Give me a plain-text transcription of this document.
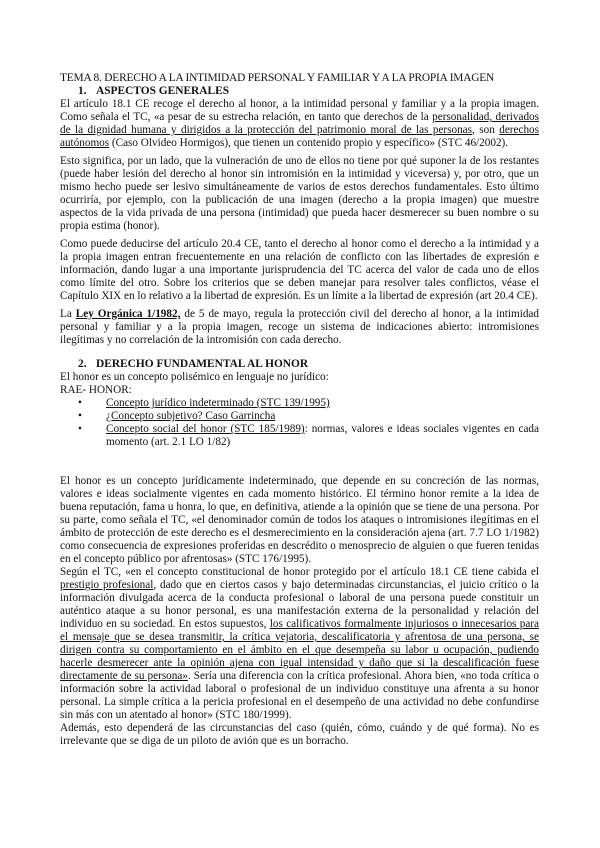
TEMA 8. DERECHO A LA INTIMIDAD PERSONAL Y FAMILIAR Y A LA PROPIA IMAGEN

1. ASPECTOS GENERALES

El artículo 18.1 CE recoge el derecho al honor, a la intimidad personal y familiar y a la propia imagen. Como señala el TC, «a pesar de su estrecha relación, en tanto que derechos de la personalidad, derivados de la dignidad humana y dirigidos a la protección del patrimonio moral de las personas, son derechos autónomos (Caso Olvideo Hormigos), que tienen un contenido propio y específico» (STC 46/2002).

Esto significa, por un lado, que la vulneración de uno de ellos no tiene por qué suponer la de los restantes (puede haber lesión del derecho al honor sin intromisión en la intimidad y viceversa) y, por otro, que un mismo hecho puede ser lesivo simultáneamente de varios de estos derechos fundamentales. Esto último ocurriría, por ejemplo, con la publicación de una imagen (derecho a la propia imagen) que muestre aspectos de la vida privada de una persona (intimidad) que pueda hacer desmerecer su buen nombre o su propia estima (honor).

Como puede deducirse del artículo 20.4 CE, tanto el derecho al honor como el derecho a la intimidad y a la propia imagen entran frecuentemente en una relación de conflicto con las libertades de expresión e información, dando lugar a una importante jurisprudencia del TC acerca del valor de cada uno de ellos como límite del otro. Sobre los criterios que se deben manejar para resolver tales conflictos, véase el Capítulo XIX en lo relativo a la libertad de expresión. Es un límite a la libertad de expresión (art 20.4 CE).

La Ley Orgánica 1/1982, de 5 de mayo, regula la protección civil del derecho al honor, a la intimidad personal y familiar y a la propia imagen, recoge un sistema de indicaciones abierto: intromisiones ilegítimas y no correlación de la intromisión con cada derecho.

2. DERECHO FUNDAMENTAL AL HONOR

El honor es un concepto polisémico en lenguaje no jurídico:

RAE- HONOR:

• Concepto jurídico indeterminado (STC 139/1995)
• ¿Concepto subjetivo? Caso Garrincha
• Concepto social del honor (STC 185/1989): normas, valores e ideas sociales vigentes en cada momento (art. 2.1 LO 1/82)

El honor es un concepto jurídicamente indeterminado, que depende en su concreción de las normas, valores e ideas socialmente vigentes en cada momento histórico. El término honor remite a la idea de buena reputación, fama u honra, lo que, en definitiva, atiende a la opinión que se tiene de una persona. Por su parte, como señala el TC, «el denominador común de todos los ataques o intromisiones ilegítimas en el ámbito de protección de este derecho es el desmerecimiento en la consideración ajena (art. 7.7 LO 1/1982) como consecuencia de expresiones proferidas en descrédito o menosprecio de alguien o que fueren tenidas en el concepto público por afrentosas» (STC 176/1995).

Según el TC, «en el concepto constitucional de honor protegido por el artículo 18.1 CE tiene cabida el prestigio profesional, dado que en ciertos casos y bajo determinadas circunstancias, el juicio crítico o la información divulgada acerca de la conducta profesional o laboral de una persona puede constituir un auténtico ataque a su honor personal, es una manifestación externa de la personalidad y relación del individuo en su sociedad. En estos supuestos, los calificativos formalmente injuriosos o innecesarios para el mensaje que se desea transmitir, la crítica vejatoria, descalificatoria y afrentosa de una persona, se dirigen contra su comportamiento en el ámbito en el que desempeña su labor u ocupación, pudiendo hacerle desmerecer ante la opinión ajena con igual intensidad y daño que si la descalificación fuese directamente de su persona». Sería una diferencia con la crítica profesional. Ahora bien, «no toda crítica o información sobre la actividad laboral o profesional de un individuo constituye una afrenta a su honor personal. La simple crítica a la pericia profesional en el desempeño de una actividad no debe confundirse sin más con un atentado al honor» (STC 180/1999).

Además, esto dependerá de las circunstancias del caso (quién, cómo, cuándo y de qué forma). No es irrelevante que se diga de un piloto de avión que es un borracho.
